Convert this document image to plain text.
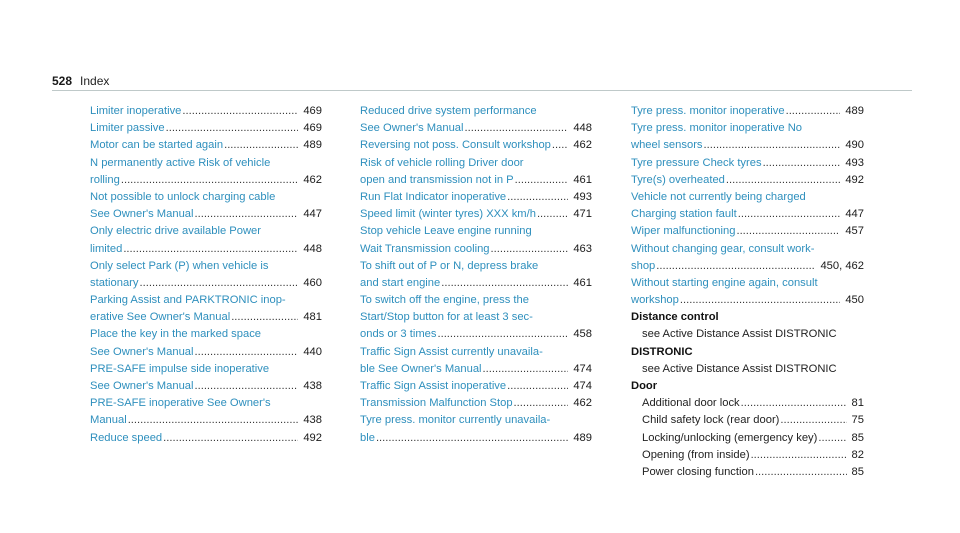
528 Index
Limiter inoperative .....	469
Limiter passive .....	469
Motor can be started again .....	489
N permanently active Risk of vehicle
rolling .....	462
Not possible to unlock charging cable
See Owner's Manual .....	447
Only electric drive available Power
limited .....	448
Only select Park (P) when vehicle is
stationary .....	460
Parking Assist and PARKTRONIC inop-
erative See Owner's Manual .....	481
Place the key in the marked space
See Owner's Manual .....	440
PRE-SAFE impulse side inoperative
See Owner's Manual .....	438
PRE-SAFE inoperative See Owner's
Manual .....	438
Reduce speed .....	492
Reduced drive system performance
See Owner's Manual .....	448
Reversing not poss. Consult workshop ..... 462
Risk of vehicle rolling Driver door
open and transmission not in P .....	461
Run Flat Indicator inoperative .....	493
Speed limit (winter tyres) XXX km/h .....	471
Stop vehicle Leave engine running
Wait Transmission cooling .....	463
To shift out of P or N, depress brake
and start engine .....	461
To switch off the engine, press the
Start/Stop button for at least 3 sec-
onds or 3 times .....	458
Traffic Sign Assist currently unavaila-
ble See Owner's Manual .....	474
Traffic Sign Assist inoperative .....	474
Transmission Malfunction Stop .....	462
Tyre press. monitor currently unavaila-
ble .....	489
Tyre press. monitor inoperative .....	489
Tyre press. monitor inoperative No
wheel sensors .....	490
Tyre pressure Check tyres .....	493
Tyre(s) overheated .....	492
Vehicle not currently being charged
Charging station fault .....	447
Wiper malfunctioning .....	457
Without changing gear, consult work-
shop .....	450, 462
Without starting engine again, consult
workshop .....	450
Distance control
see Active Distance Assist DISTRONIC
DISTRONIC
see Active Distance Assist DISTRONIC
Door
Additional door lock .....	81
Child safety lock (rear door) .....	75
Locking/unlocking (emergency key) .....	85
Opening (from inside) .....	82
Power closing function .....	85
